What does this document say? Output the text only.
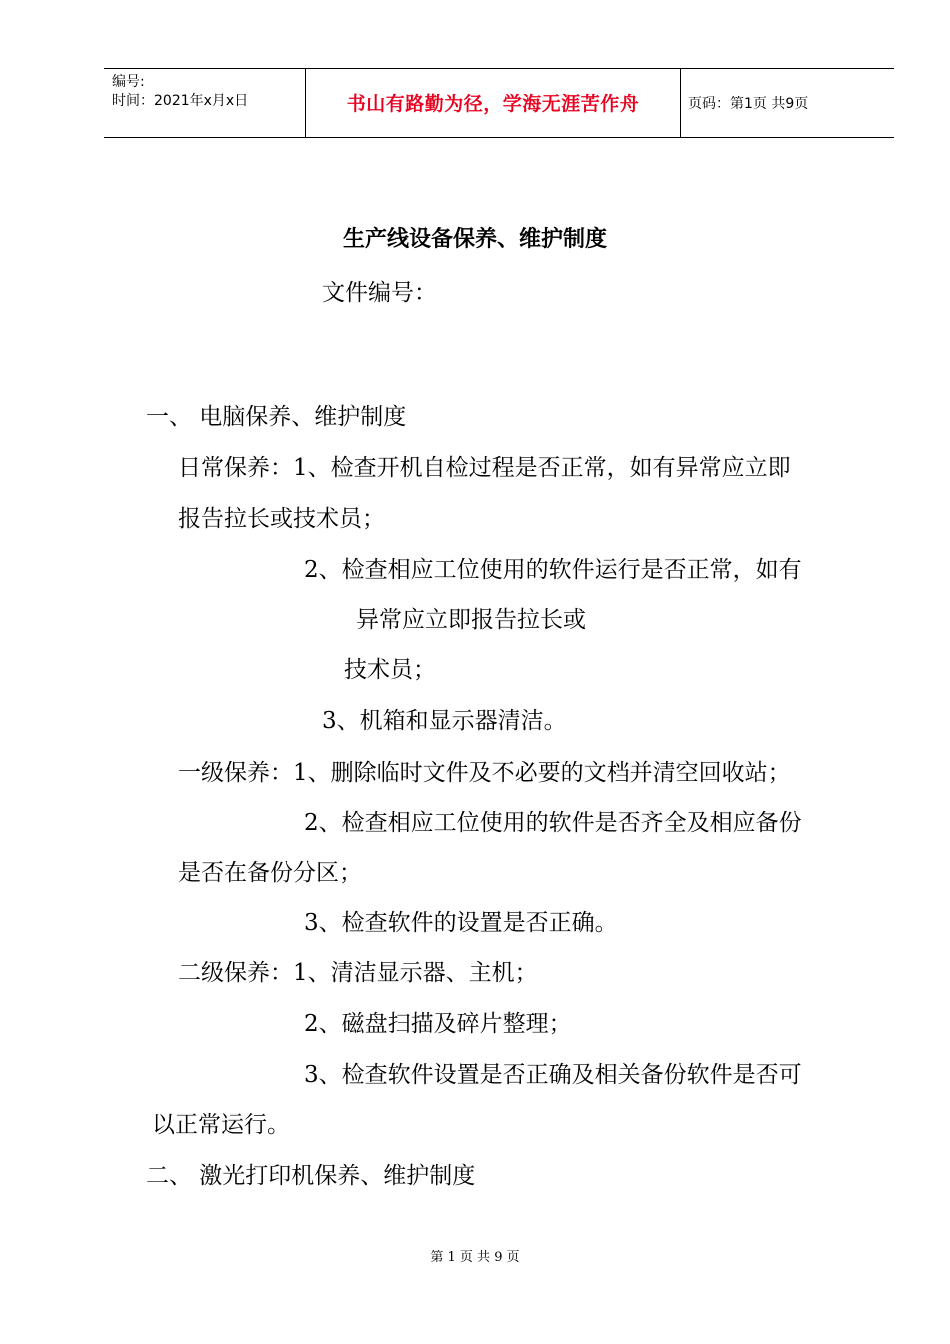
编号:
时间：2021年x月x日	书山有路勤为径，学海无涯苦作舟	页码：第1页 共9页
生产线设备保养、维护制度
文件编号：
一、 电脑保养、维护制度
日常保养：1、检查开机自检过程是否正常，如有异常应立即
报告拉长或技术员；
2、检查相应工位使用的软件运行是否正常，如有
异常应立即报告拉长或
技术员；
3、机箱和显示器清洁。
一级保养：1、删除临时文件及不必要的文档并清空回收站；
2、检查相应工位使用的软件是否齐全及相应备份
是否在备份分区；
3、检查软件的设置是否正确。
二级保养：1、清洁显示器、主机；
2、磁盘扫描及碎片整理；
3、检查软件设置是否正确及相关备份软件是否可
以正常运行。
二、 激光打印机保养、维护制度
第 1 页 共 9 页
